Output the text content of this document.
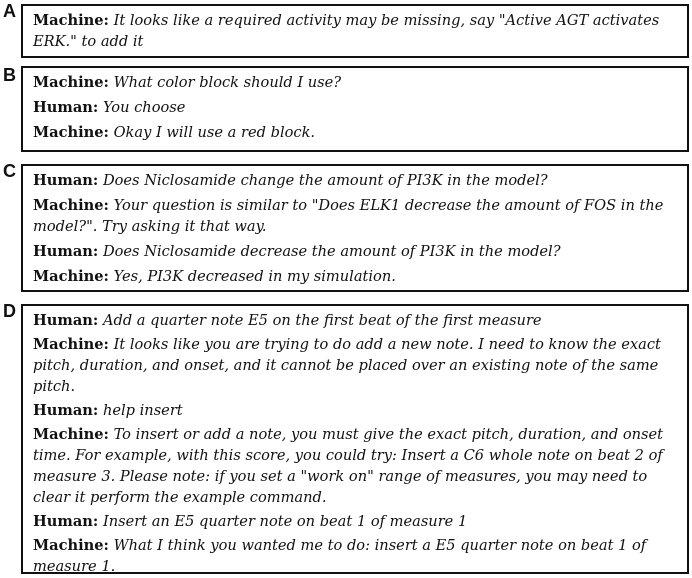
A Machine: It looks like a required activity may be missing, say "Active AGT activates ERK." to add it

B Machine: What color block should I use?

Human: You choose

Machine: Okay I will use a red block.

C Human: Does Niclosamide change the amount of PI3K in the model?

Machine: Your question is similar to "Does ELK1 decrease the amount of FOS in the model?". Try asking it that way.

Human: Does Niclosamide decrease the amount of PI3K in the model?

Machine: Yes, PI3K decreased in my simulation.

D Human: Add a quarter note E5 on the first beat of the first measure

Machine: It looks like you are trying to do add a new note. I need to know the exact pitch, duration, and onset, and it cannot be placed over an existing note of the same pitch.

Human: help insert

Machine: To insert or add a note, you must give the exact pitch, duration, and onset time. For example, with this score, you could try: Insert a C6 whole note on beat 2 of measure 3. Please note: if you set a "work on" range of measures, you may need to clear it perform the example command.

Human: Insert an E5 quarter note on beat 1 of measure 1

Machine: What I think you wanted me to do: insert a E5 quarter note on beat 1 of measure 1.
